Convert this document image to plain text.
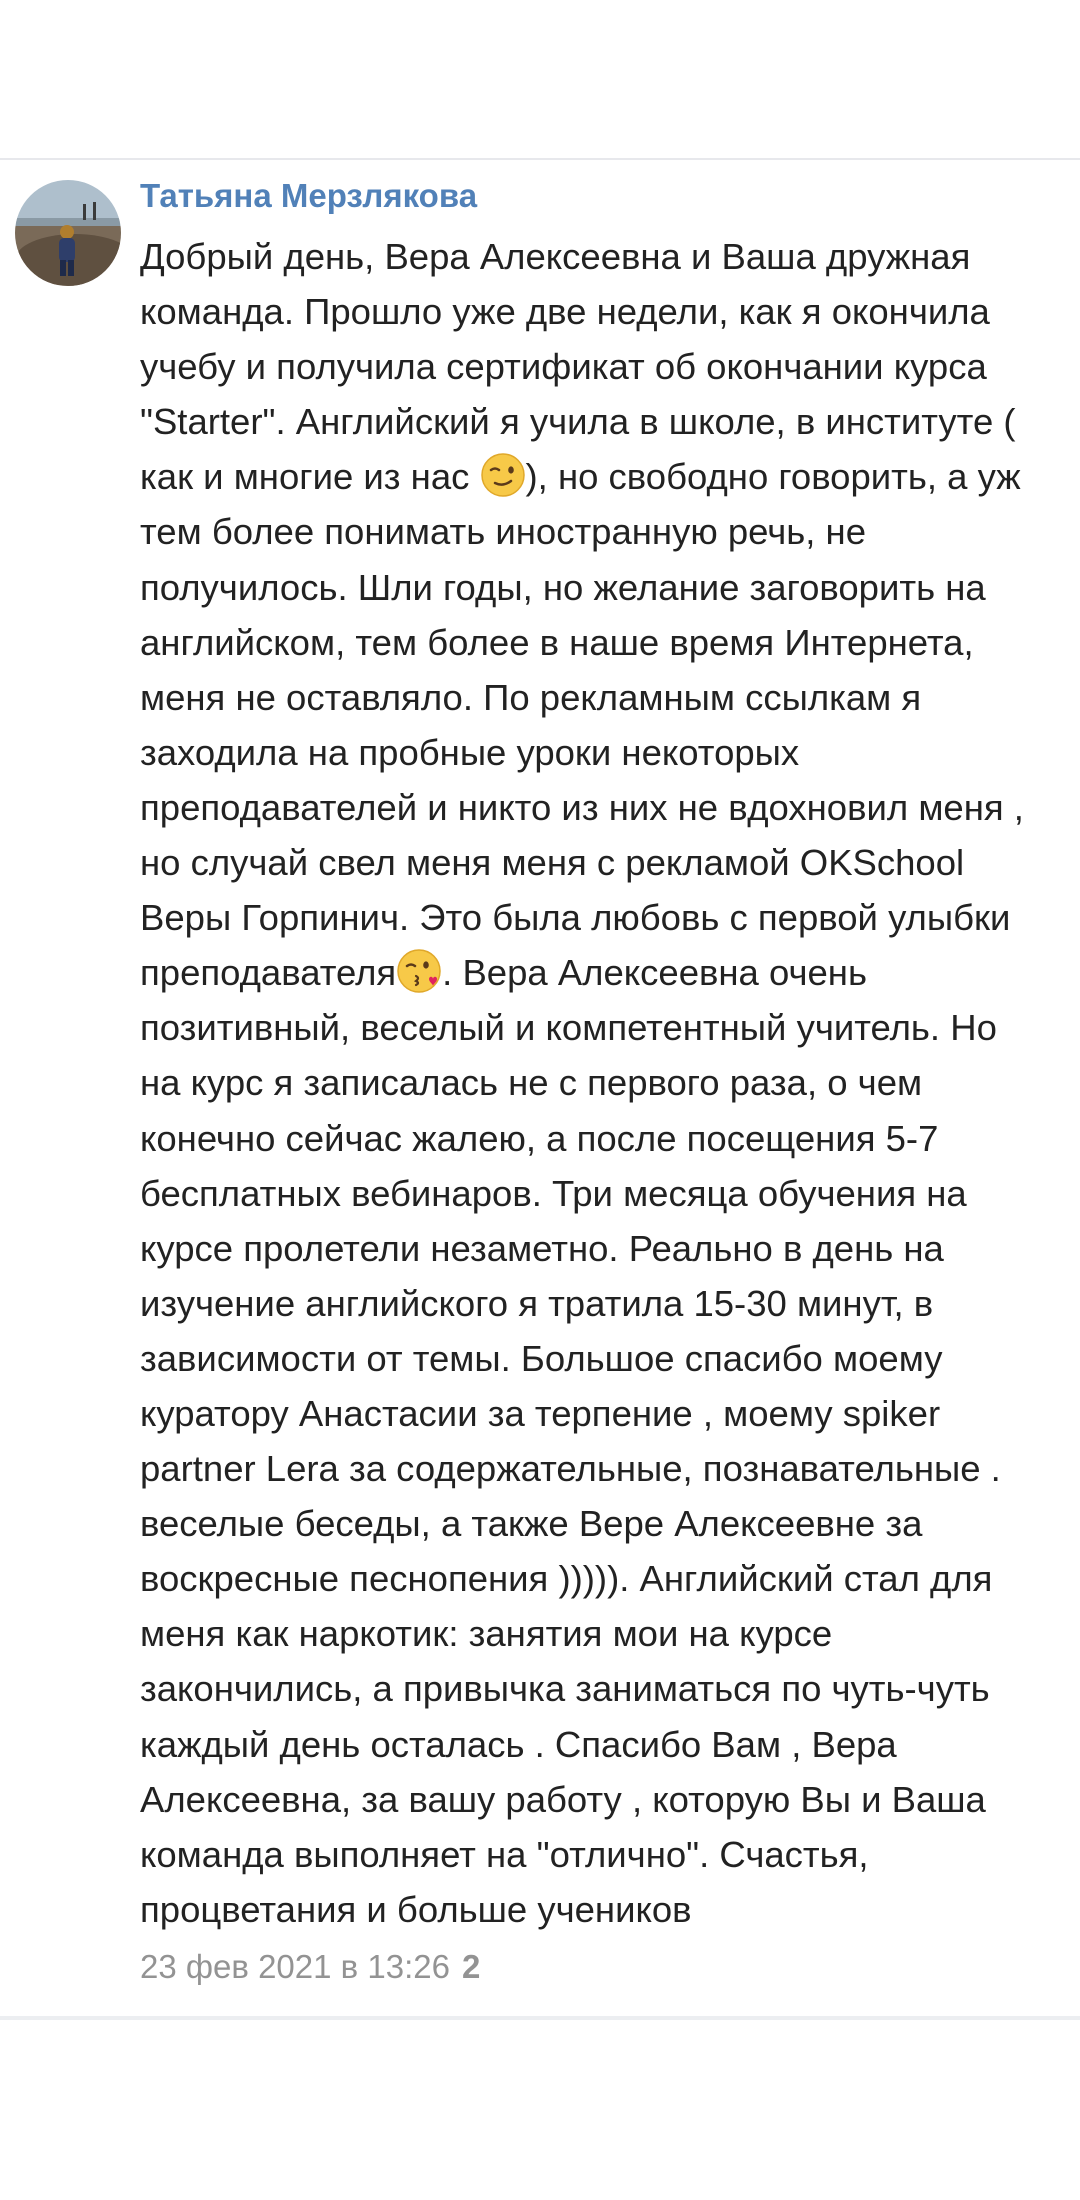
Татьяна Мерзлякова
Добрый день, Вера Алексеевна и Ваша дружная
команда. Прошло уже две недели, как я окончила
учебу и получила сертификат об окончании курса
"Starter". Английский я учила в школе, в институте (
как и многие из нас
), но свободно говорить, а уж
тем более понимать иностранную речь, не
получилось. Шли годы, но желание заговорить на
английском, тем более в наше время Интернета,
меня не оставляло. По рекламным ссылкам я
заходила на пробные уроки некоторых
преподавателей и никто из них не вдохновил меня ,
но случай свел меня меня с рекламой OKSchool
Веры Горпинич. Это была любовь с первой улыбки
преподавателя . Вера Алексеевна очень
позитивный, веселый и компетентный учитель. Но
на курс я записалась не с первого раза, о чем
конечно сейчас жалею, а после посещения 5-7
бесплатных вебинаров. Три месяца обучения на
курсе пролетели незаметно. Реально в день на
изучение английского я тратила 15-30 минут, в
зависимости от темы. Большое спасибо моему
куратору Анастасии за терпение , моему spiker
partner Lera за содержательные, познавательные .
веселые беседы, а также Вере Алексеевне за
воскресные песнопения ))))). Английский стал для
меня как наркотик: занятия мои на курсе
закончились, а привычка заниматься по чуть-чуть
каждый день осталась . Спасибо Вам , Вера
Алексеевна, за вашу работу , которую Вы и Ваша
команда выполняет на "отлично". Счастья,
процветания и больше учеников
23 фев 2021 в 13:26 2
